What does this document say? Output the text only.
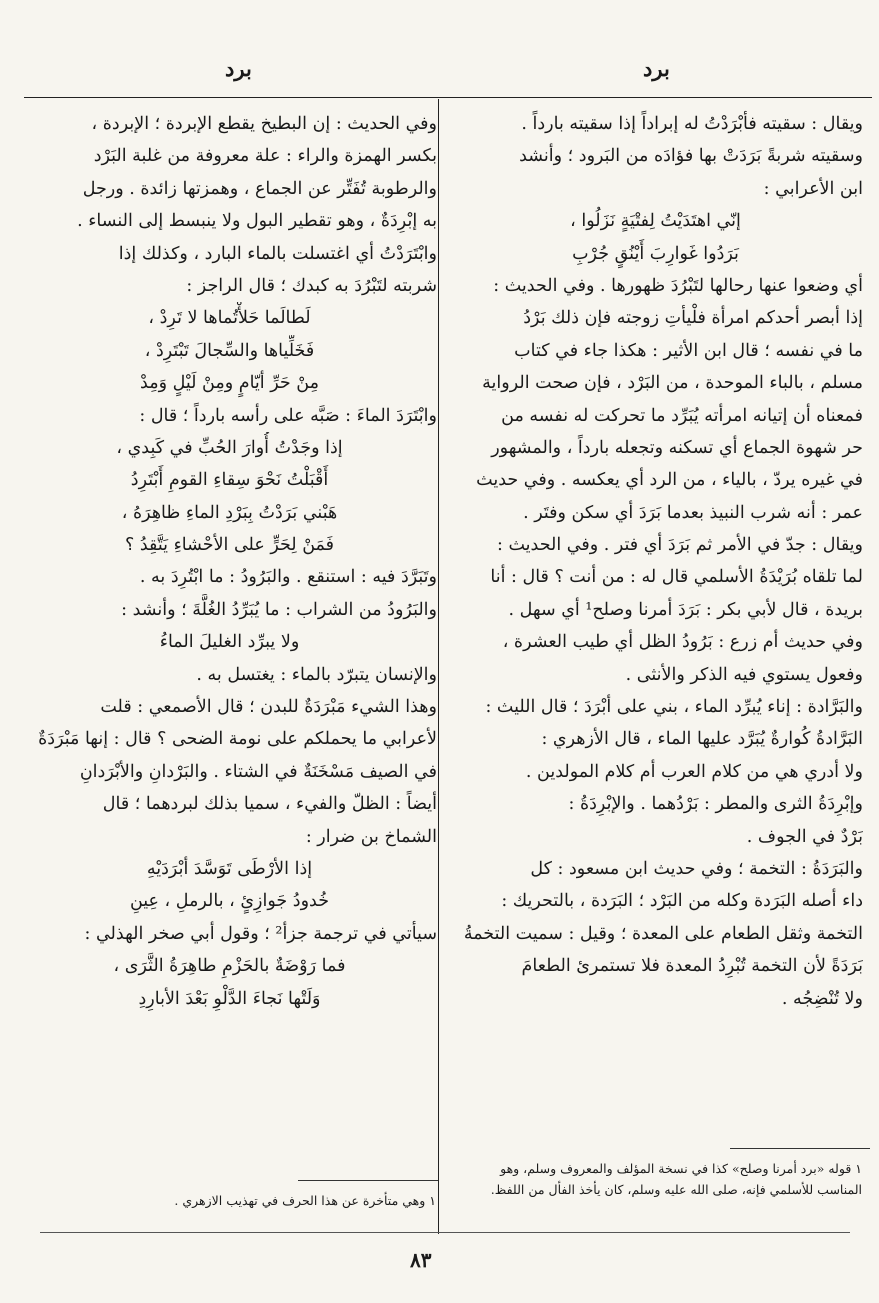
برد
برد
ويقال : سقيته فأبْرَدْتُ له إبراداً إذا سقيته بارداً .
وسقيته شربةً بَرَدَتْ بها فؤادَه من البَرود ؛ وأنشد
ابن الأعرابي :
إنّي اهتَدَيْتُ لِفتْيَةٍ نَزَلُوا ،
بَرَدُوا غَوارِبَ أَيْنُقٍ جُرْبِ
أي وضعوا عنها رحالها لتَبْرُدَ ظهورها . وفي الحديث :
إذا أبصر أحدكم امرأة فلْيأتِ زوجته فإن ذلك بَرْدُ
ما في نفسه ؛ قال ابن الأثير : هكذا جاء في كتاب
مسلم ، بالباء الموحدة ، من البَرْد ، فإن صحت الرواية
فمعناه أن إتيانه امرأته يُبَرِّد ما تحركت له نفسه من
حر شهوة الجماع أي تسكنه وتجعله بارداً ، والمشهور
في غيره يردّ ، بالياء ، من الرد أي يعكسه . وفي حديث
عمر : أنه شرب النبيذ بعدما بَرَدَ أي سكن وفتَر .
ويقال : جدّ في الأمر ثم بَرَدَ أي فتر . وفي الحديث :
لما تلقاه بُرَيْدَةُ الأسلمي قال له : من أنت ؟ قال : أنا
بريدة ، قال لأبي بكر : بَرَدَ أمرنا وصلح¹ أي سهل .
وفي حديث أم زرع : بَرُودُ الظل أي طيب العشرة ،
وفعول يستوي فيه الذكر والأنثى .
والبَرَّادة : إناء يُبرِّد الماء ، بني على أبْرَدَ ؛ قال الليث :
البَرَّادةُ كُوارةٌ يُبَرَّد عليها الماء ، قال الأزهري :
ولا أدري هي من كلام العرب أم كلام المولدين .
وإبْرِدَةُ الثرى والمطر : بَرْدُهما . والإبْرِدَةُ :
بَرْدٌ في الجوف .
والبَرَدَةُ : التخمة ؛ وفي حديث ابن مسعود : كل
داء أصله البَرَدة وكله من البَرْد ؛ البَرَدة ، بالتحريك :
التخمة وثقل الطعام على المعدة ؛ وقيل : سميت التخمةُ
بَرَدَةً لأن التخمة تُبْرِدُ المعدة فلا تستمرئ الطعامَ
ولا تُنْضِجُه .
وفي الحديث : إن البطيخ يقطع الإبردة ؛ الإبردة ،
بكسر الهمزة والراء : علة معروفة من غلبة البَرْد
والرطوبة تُفَتِّر عن الجماع ، وهمزتها زائدة . ورجل
به إبْرِدَةٌ ، وهو تقطير البول ولا ينبسط إلى النساء .
وابْتَرَدْتُ أي اغتسلت بالماء البارد ، وكذلك إذا
شربته لتَبْرُدَ به كبدك ؛ قال الراجز :
لَطالَما حَلأْتُماها لا تَرِدْ ،
فَخَلِّياها والسِّجالَ تَبْتَرِدْ ،
مِنْ حَرِّ أيّامٍ ومِنْ لَيْلٍ وَمِدْ
وابْتَرَدَ الماءَ : صَبَّه على رأسه بارداً ؛ قال :
إذا وجَدْتُ أُوارَ الحُبِّ في كَبِدي ،
أَقْبَلْتُ نَحْوَ سِقاءِ القومِ أَبْتَرِدُ
هَبْني بَرَدْتُ بِبَرْدِ الماءِ ظاهِرَهُ ،
فَمَنْ لِحَرٍّ على الأحْشاءِ يَتَّقِدُ ؟
وتَبَرَّدَ فيه : استنقع . والبَرُودُ : ما ابْتُرِدَ به .
والبَرُودُ من الشراب : ما يُبَرِّدُ الغُلَّةَ ؛ وأنشد :
ولا يبرِّد الغليلَ الماءُ
والإنسان يتبرّد بالماء : يغتسل به .
وهذا الشيء مَبْرَدَةٌ للبدن ؛ قال الأصمعي : قلت
لأعرابي ما يحملكم على نومة الضحى ؟ قال : إنها مَبْرَدَةٌ
في الصيف مَسْخَنَةٌ في الشتاء . والبَرْدانِ والأبْرَدانِ
أيضاً : الظلّ والفيء ، سميا بذلك لبردهما ؛ قال
الشماخ بن ضرار :
إذا الأرْطَى تَوَسَّدَ أبْرَدَيْهِ
خُدودُ جَوازِئٍ ، بالرملِ ، عِينِ
سيأتي في ترجمة جزأ² ؛ وقول أبي صخر الهذلي :
فما رَوْضَةٌ بالحَزْمِ طاهِرَةُ الثَّرَى ،
وَلَتْها نَجاءَ الدَّلْوِ بَعْدَ الأبارِدِ
١ قوله «برد أمرنا وصلح» كذا في نسخة المؤلف والمعروف وسلم، وهو المناسب للأسلمي فإنه، صلى الله عليه وسلم، كان يأخذ الفأل من اللفظ.
١ وهي متأخرة عن هذا الحرف في تهذيب الازهري .
٨٣
